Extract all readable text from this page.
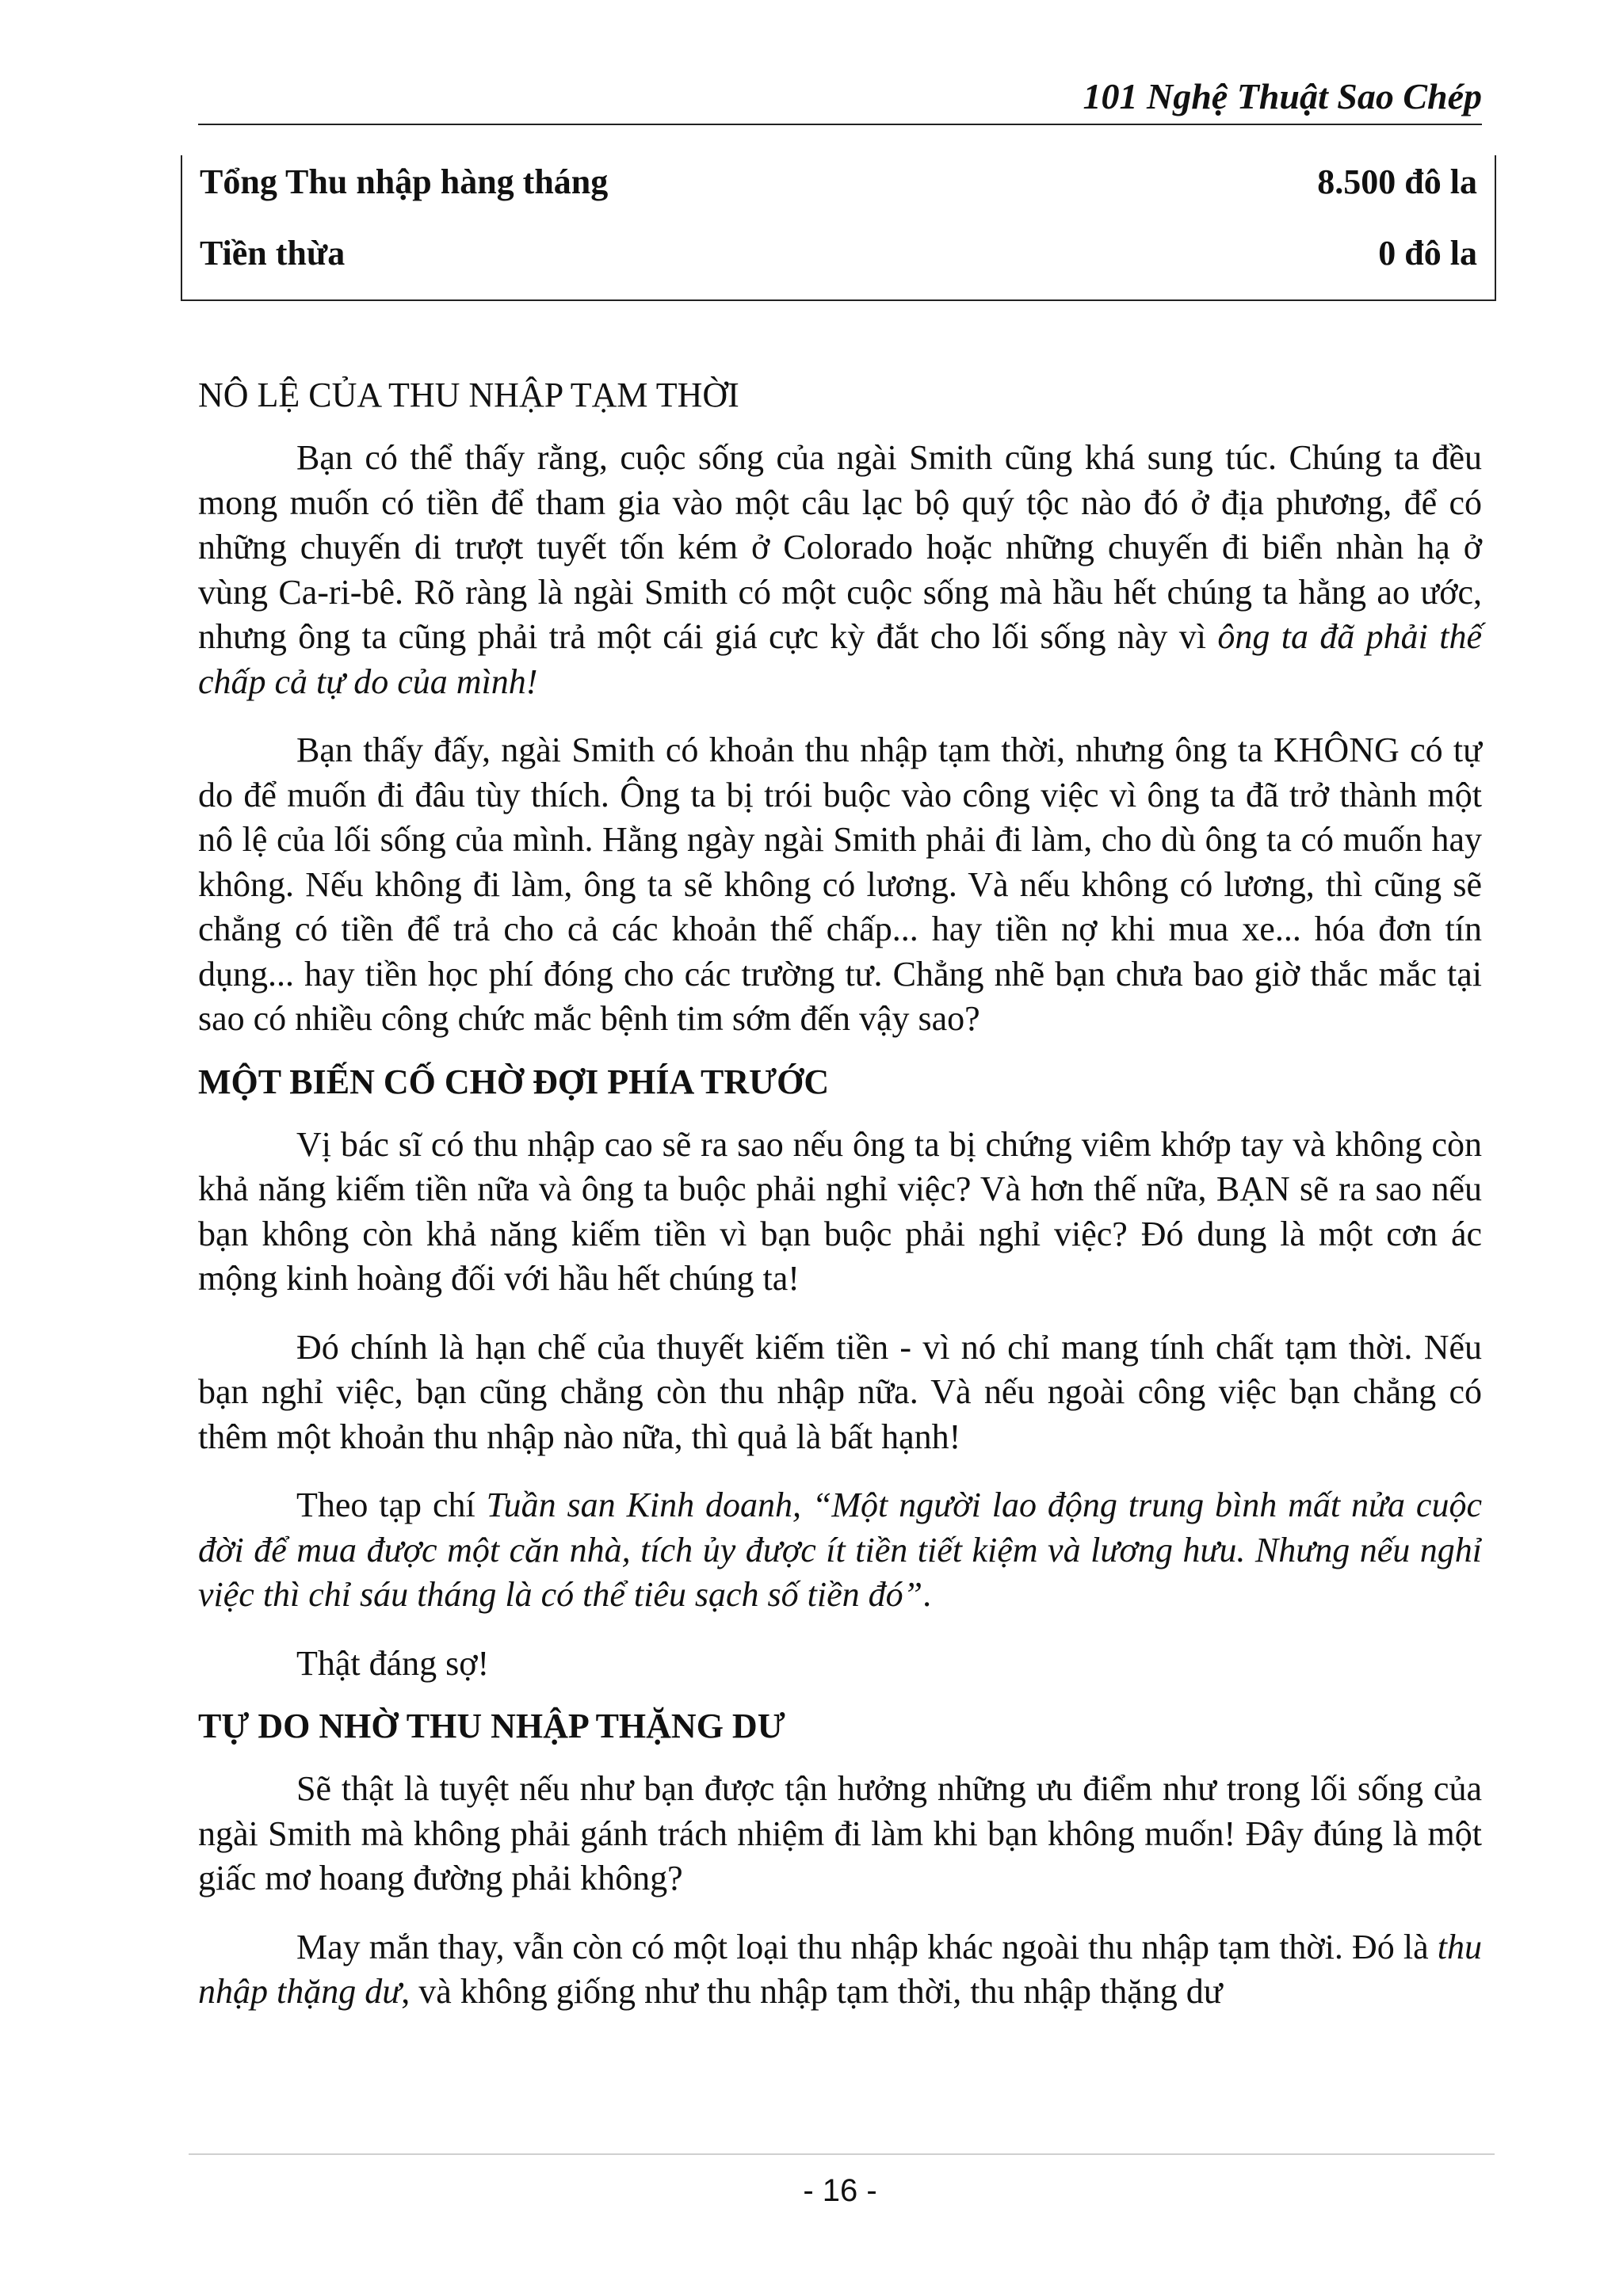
101 Nghệ Thuật Sao Chép
Tổng Thu nhập hàng tháng	8.500 đô la
Tiền thừa	0 đô la
NÔ LỆ CỦA THU NHẬP TẠM THỜI

Bạn có thể thấy rằng, cuộc sống của ngài Smith cũng khá sung túc. Chúng ta đều mong muốn có tiền để tham gia vào một câu lạc bộ quý tộc nào đó ở địa phương, để có những chuyến di trượt tuyết tốn kém ở Colorado hoặc những chuyến đi biển nhàn hạ ở vùng Ca-ri-bê. Rõ ràng là ngài Smith có một cuộc sống mà hầu hết chúng ta hằng ao ước, nhưng ông ta cũng phải trả một cái giá cực kỳ đắt cho lối sống này vì ông ta đã phải thế chấp cả tự do của mình!

Bạn thấy đấy, ngài Smith có khoản thu nhập tạm thời, nhưng ông ta KHÔNG có tự do để muốn đi đâu tùy thích. Ông ta bị trói buộc vào công việc vì ông ta đã trở thành một nô lệ của lối sống của mình. Hằng ngày ngài Smith phải đi làm, cho dù ông ta có muốn hay không. Nếu không đi làm, ông ta sẽ không có lương. Và nếu không có lương, thì cũng sẽ chẳng có tiền để trả cho cả các khoản thế chấp... hay tiền nợ khi mua xe... hóa đơn tín dụng... hay tiền học phí đóng cho các trường tư. Chẳng nhẽ bạn chưa bao giờ thắc mắc tại sao có nhiều công chức mắc bệnh tim sớm đến vậy sao?

MỘT BIẾN CỐ CHỜ ĐỢI PHÍA TRƯỚC

Vị bác sĩ có thu nhập cao sẽ ra sao nếu ông ta bị chứng viêm khớp tay và không còn khả năng kiếm tiền nữa và ông ta buộc phải nghỉ việc? Và hơn thế nữa, BẠN sẽ ra sao nếu bạn không còn khả năng kiếm tiền vì bạn buộc phải nghỉ việc? Đó dung là một cơn ác mộng kinh hoàng đối với hầu hết chúng ta!

Đó chính là hạn chế của thuyết kiếm tiền - vì nó chỉ mang tính chất tạm thời. Nếu bạn nghỉ việc, bạn cũng chẳng còn thu nhập nữa. Và nếu ngoài công việc bạn chẳng có thêm một khoản thu nhập nào nữa, thì quả là bất hạnh!

Theo tạp chí Tuần san Kinh doanh, “Một người lao động trung bình mất nửa cuộc đời để mua được một căn nhà, tích ủy được ít tiền tiết kiệm và lương hưu. Nhưng nếu nghỉ việc thì chỉ sáu tháng là có thể tiêu sạch số tiền đó”.

Thật đáng sợ!

TỰ DO NHỜ THU NHẬP THẶNG DƯ

Sẽ thật là tuyệt nếu như bạn được tận hưởng những ưu điểm như trong lối sống của ngài Smith mà không phải gánh trách nhiệm đi làm khi bạn không muốn! Đây đúng là một giấc mơ hoang đường phải không?

May mắn thay, vẫn còn có một loại thu nhập khác ngoài thu nhập tạm thời. Đó là thu nhập thặng dư, và không giống như thu nhập tạm thời, thu nhập thặng dư

- 16 -
